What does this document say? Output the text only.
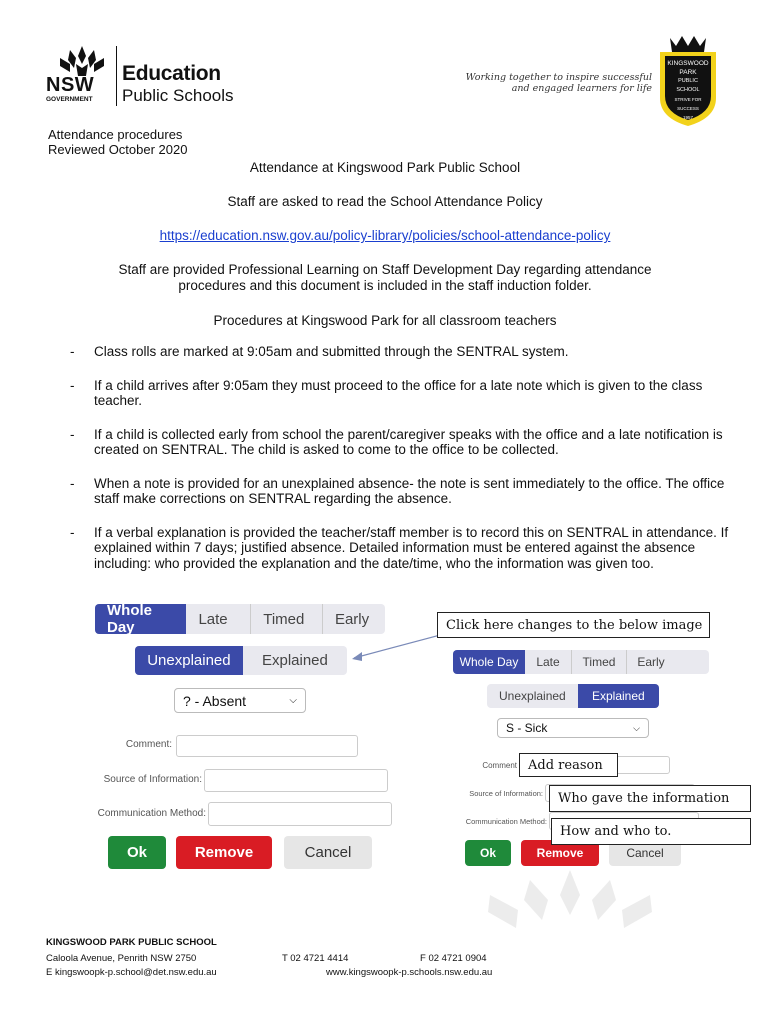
NSW
GOVERNMENT
Education
Public Schools
Working together to inspire successful
and engaged learners for life
KINGSWOOD
PARK
PUBLIC SCHOOL
STRIVE FOR
SUCCESS
1957
Attendance procedures
Reviewed October 2020
Attendance at Kingswood Park Public School
Staff are asked to read the School Attendance Policy
https://education.nsw.gov.au/policy-library/policies/school-attendance-policy
Staff are provided Professional Learning on Staff Development Day regarding attendance
procedures and this document is included in the staff induction folder.
Procedures at Kingswood Park for all classroom teachers
- Class rolls are marked at 9:05am and submitted through the SENTRAL system.
- If a child arrives after 9:05am they must proceed to the office for a late note which is given to the class teacher.
- If a child is collected early from school the parent/caregiver speaks with the office and a late notification is created on SENTRAL. The child is asked to come to the office to be collected.
- When a note is provided for an unexplained absence- the note is sent immediately to the office. The office staff make corrections on SENTRAL regarding the absence.
- If a verbal explanation is provided the teacher/staff member is to record this on SENTRAL in attendance. If explained within 7 days; justified absence. Detailed information must be entered against the absence including: who provided the explanation and the date/time, who the information was given too.
Whole Day	Late	Timed	Early
Unexplained	Explained
? - Absent	⌵
Comment:
Source of Information:
Communication Method:
Ok	Remove	Cancel
Whole Day	Late	Timed	Early
Unexplained	Explained
S - Sick	⌵
Comment
Source of Information:
Communication Method:
Ok	Remove	Cancel
Click here changes to the below image
Add reason
Who gave the information
How and who to.
KINGSWOOD PARK PUBLIC SCHOOL
Caloola Avenue, Penrith NSW 2750	T 02 4721 4414	F 02 4721 0904
E kingswoopk-p.school@det.nsw.edu.au	www.kingswoopk-p.schools.nsw.edu.au
